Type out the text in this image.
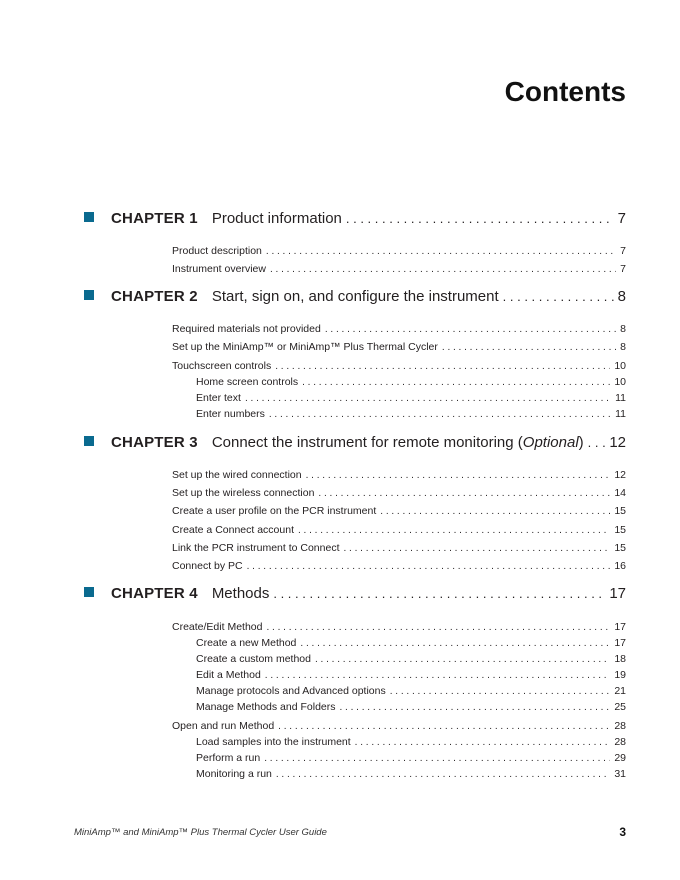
Contents
CHAPTER 1 Product information . . .	7
Product description . . .	7
Instrument overview . . .	7
CHAPTER 2 Start, sign on, and configure the instrument . . .	8
Required materials not provided . . .	8
Set up the MiniAmp™ or MiniAmp™ Plus Thermal Cycler . . .	8
Touchscreen controls . . .	10
Home screen controls . . .	10
Enter text . . .	11
Enter numbers . . .	11
CHAPTER 3 Connect the instrument for remote monitoring (Optional) . . . 12
Set up the wired connection . . .	12
Set up the wireless connection . . .	14
Create a user profile on the PCR instrument . . .	15
Create a Connect account . . .	15
Link the PCR instrument to Connect . . .	15
Connect by PC . . .	16
CHAPTER 4 Methods . . .	17
Create/Edit Method . . .	17
Create a new Method . . .	17
Create a custom method . . .	18
Edit a Method . . .	19
Manage protocols and Advanced options . . .	21
Manage Methods and Folders . . .	25
Open and run Method . . .	28
Load samples into the instrument . . .	28
Perform a run . . .	29
Monitoring a run . . .	31
MiniAmp™ and MiniAmp™ Plus Thermal Cycler User Guide	3
